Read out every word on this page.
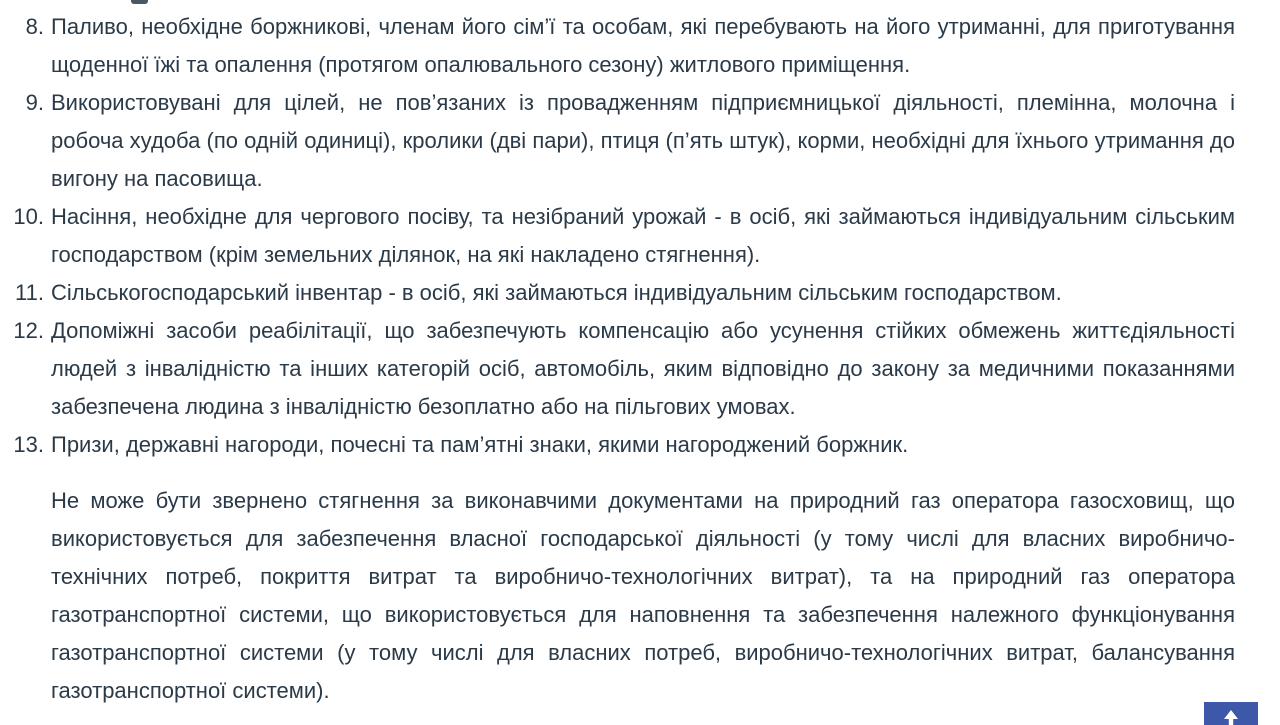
8. Паливо, необхідне боржникові, членам його сім’ї та особам, які перебувають на його утриманні, для приготування щоденної їжі та опалення (протягом опалювального сезону) житлового приміщення.
9. Використовувані для цілей, не пов’язаних із провадженням підприємницької діяльності, племінна, молочна і робоча худоба (по одній одиниці), кролики (дві пари), птиця (п’ять штук), корми, необхідні для їхнього утримання до вигону на пасовища.
10. Насіння, необхідне для чергового посіву, та незібраний урожай - в осіб, які займаються індивідуальним сільським господарством (крім земельних ділянок, на які накладено стягнення).
11. Сільськогосподарський інвентар - в осіб, які займаються індивідуальним сільським господарством.
12. Допоміжні засоби реабілітації, що забезпечують компенсацію або усунення стійких обмежень життєдіяльності людей з інвалідністю та інших категорій осіб, автомобіль, яким відповідно до закону за медичними показаннями забезпечена людина з інвалідністю безоплатно або на пільгових умовах.
13. Призи, державні нагороди, почесні та пам’ятні знаки, якими нагороджений боржник.

Не може бути звернено стягнення за виконавчими документами на природний газ оператора газосховищ, що використовується для забезпечення власної господарської діяльності (у тому числі для власних виробничо-технічних потреб, покриття витрат та виробничо-технологічних витрат), та на природний газ оператора газотранспортної системи, що використовується для наповнення та забезпечення належного функціонування газотранспортної системи (у тому числі для власних потреб, виробничо-технологічних витрат, балансування газотранспортної системи).
